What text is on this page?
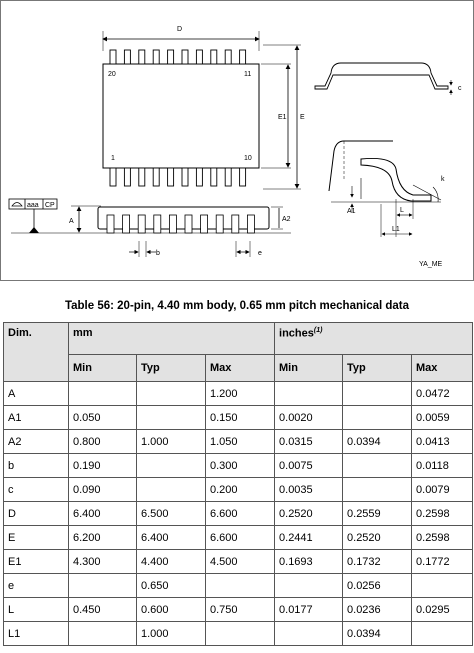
D
20	11
1	10
E1 E
aaa CP
A	A2
b	e
c
A1
k
L
L1
YA_ME
Table 56: 20-pin, 4.40 mm body, 0.65 mm pitch mechanical data
Dim.	mm			inches$^{(1)}$
	Min	Typ	Max	Min	Typ	Max
A			1.200			0.0472
A1	0.050		0.150	0.0020		0.0059
A2	0.800	1.000	1.050	0.0315	0.0394	0.0413
b	0.190		0.300	0.0075		0.0118
c	0.090		0.200	0.0035		0.0079
D	6.400	6.500	6.600	0.2520	0.2559	0.2598
E	6.200	6.400	6.600	0.2441	0.2520	0.2598
E1	4.300	4.400	4.500	0.1693	0.1732	0.1772
e		0.650			0.0256	
L	0.450	0.600	0.750	0.0177	0.0236	0.0295
L1		1.000			0.0394	
